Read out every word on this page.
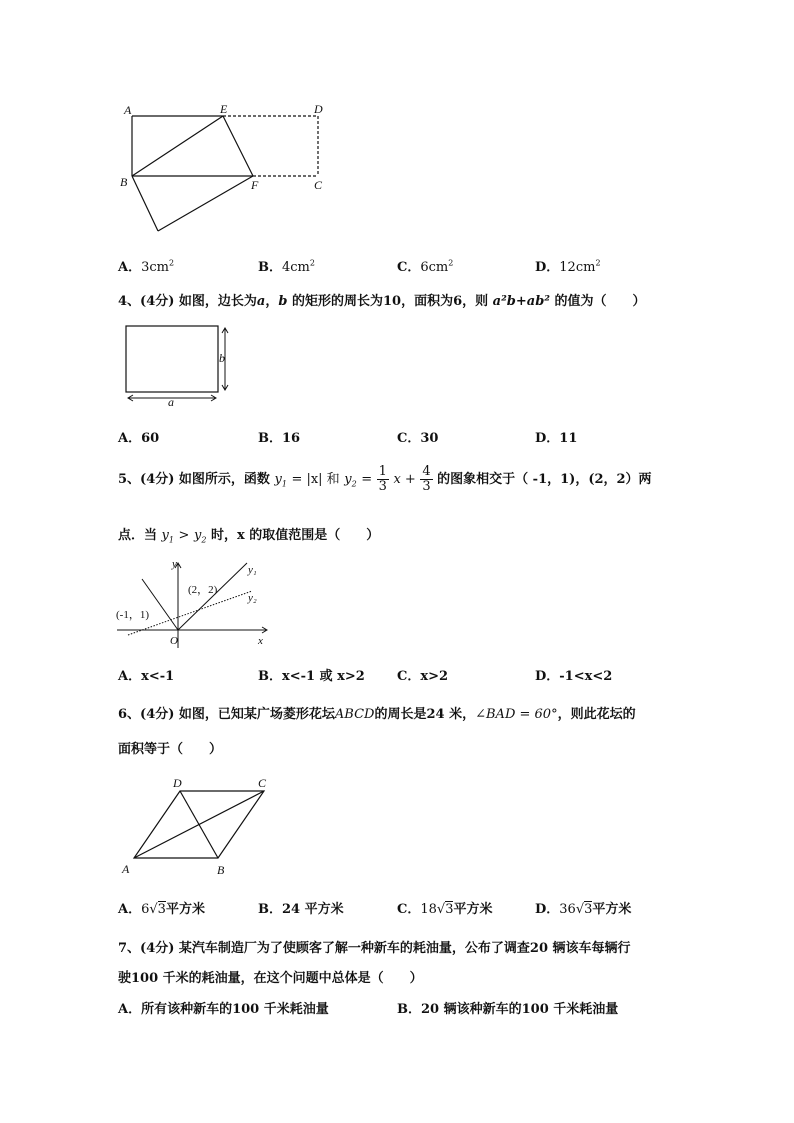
A	E	D
B	F	C
A．$3cm^2$	B．$4cm^2$	C．$6cm^2$	D．$12cm^2$
4、(4分) 如图，边长为a，b 的矩形的周长为10，面积为6，则 a²b+ab² 的值为（　　）
b
a
A．60	B．16	C．30	D．11
5、(4分) 如图所示，函数 $y_1 = |x|$ 和 $y_2 = \frac{1}{3}$ $x + \frac{4}{3}$ 的图象相交于（ -1，1)，(2，2）两
点．当 $y_1 > y_2$ 时，x 的取值范围是（　　）
y
x
O
y₁
y₂
(2，2)
(-1，1)
A．x<-1	B．x<-1 或 x>2 C．x>2	D．-1<x<2
6、(4分) 如图，已知某广场菱形花坛ABCD的周长是24 米，∠BAD = 60°，则此花坛的
面积等于（　　）
A	B
C
D
A．6√3平方米	B．24 平方米	C．18√3平方米	D．36√3平方米
7、(4分) 某汽车制造厂为了使顾客了解一种新车的耗油量，公布了调查20 辆该车每辆行
驶100 千米的耗油量，在这个问题中总体是（　　）
A．所有该种新车的100 千米耗油量	B．20 辆该种新车的100 千米耗油量
